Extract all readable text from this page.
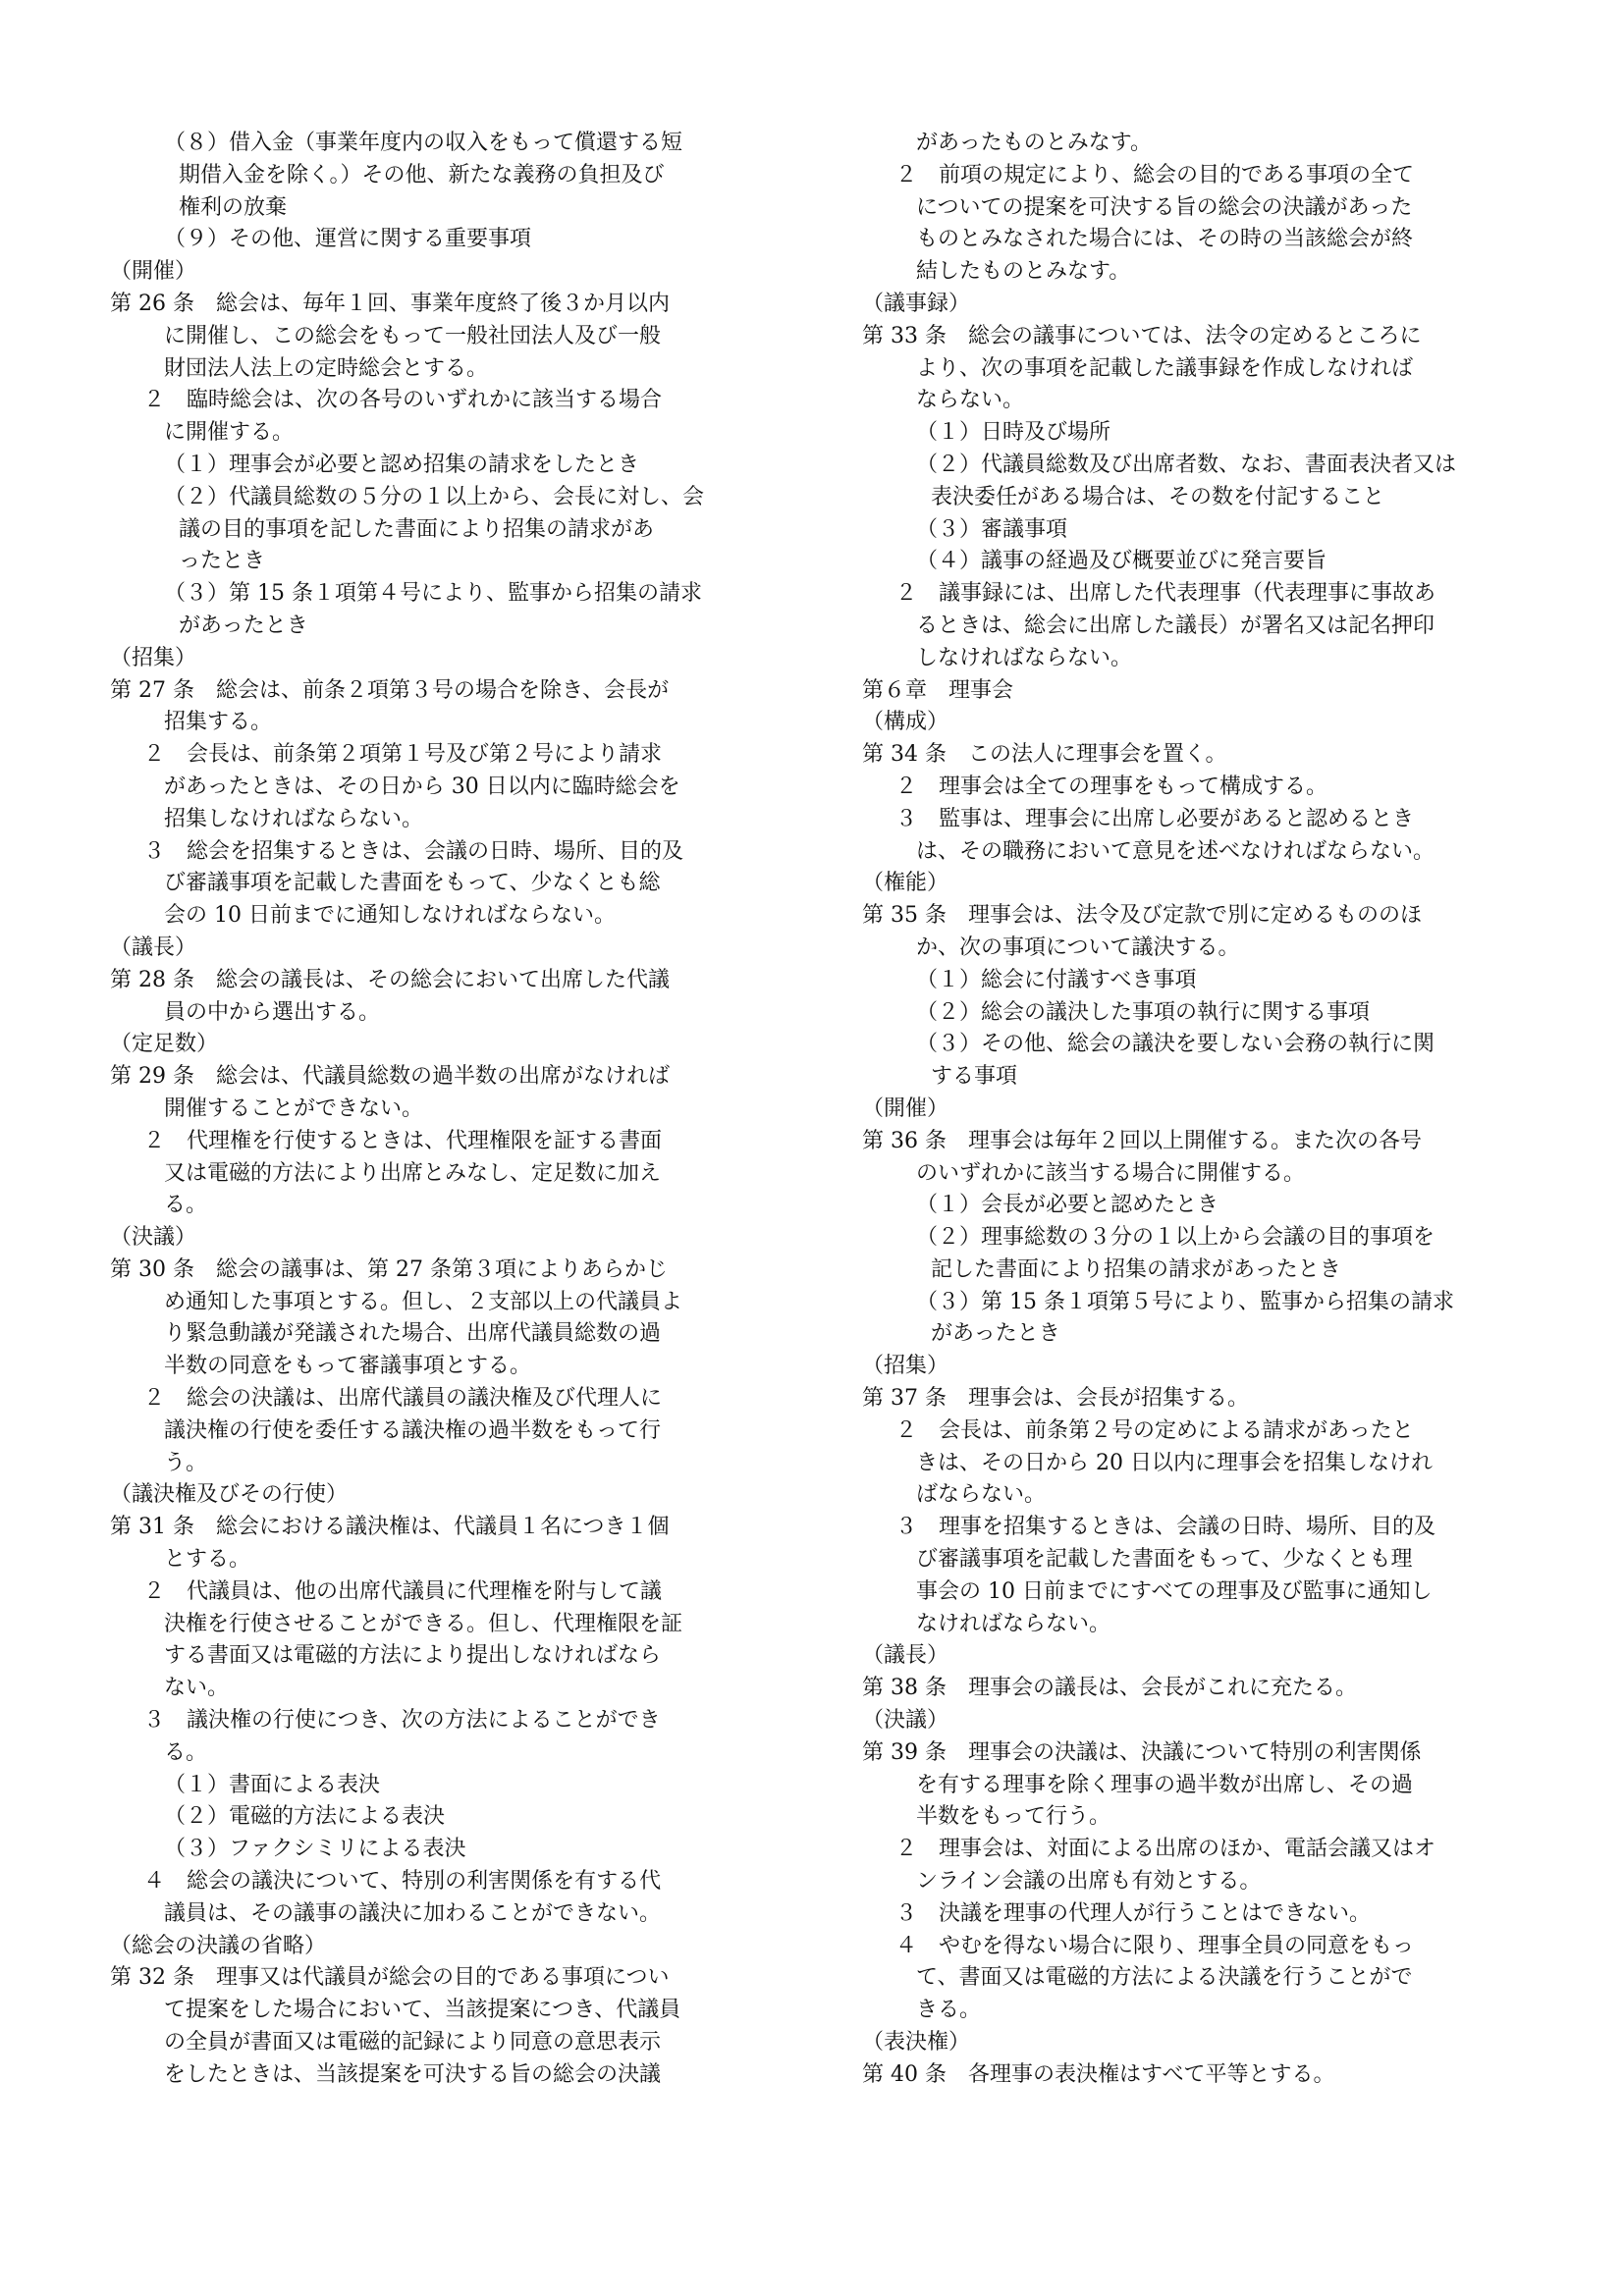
（８）借入金（事業年度内の収入をもって償還する短
期借入金を除く。）その他、新たな義務の負担及び
権利の放棄
（９）その他、運営に関する重要事項
（開催）
第 26 条　総会は、毎年１回、事業年度終了後３か月以内
に開催し、この総会をもって一般社団法人及び一般
財団法人法上の定時総会とする。
２　臨時総会は、次の各号のいずれかに該当する場合
に開催する。
（１）理事会が必要と認め招集の請求をしたとき
（２）代議員総数の５分の１以上から、会長に対し、会
議の目的事項を記した書面により招集の請求があ
ったとき
（３）第 15 条１項第４号により、監事から招集の請求
があったとき
（招集）
第 27 条　総会は、前条２項第３号の場合を除き、会長が
招集する。
２　会長は、前条第２項第１号及び第２号により請求
があったときは、その日から 30 日以内に臨時総会を
招集しなければならない。
３　総会を招集するときは、会議の日時、場所、目的及
び審議事項を記載した書面をもって、少なくとも総
会の 10 日前までに通知しなければならない。
（議長）
第 28 条　総会の議長は、その総会において出席した代議
員の中から選出する。
（定足数）
第 29 条　総会は、代議員総数の過半数の出席がなければ
開催することができない。
２　代理権を行使するときは、代理権限を証する書面
又は電磁的方法により出席とみなし、定足数に加え
る。
（決議）
第 30 条　総会の議事は、第 27 条第３項によりあらかじ
め通知した事項とする。但し、２支部以上の代議員よ
り緊急動議が発議された場合、出席代議員総数の過
半数の同意をもって審議事項とする。
２　総会の決議は、出席代議員の議決権及び代理人に
議決権の行使を委任する議決権の過半数をもって行
う。
（議決権及びその行使）
第 31 条　総会における議決権は、代議員１名につき１個
とする。
２　代議員は、他の出席代議員に代理権を附与して議
決権を行使させることができる。但し、代理権限を証
する書面又は電磁的方法により提出しなければなら
ない。
３　議決権の行使につき、次の方法によることができ
る。
（１）書面による表決
（２）電磁的方法による表決
（３）ファクシミリによる表決
４　総会の議決について、特別の利害関係を有する代
議員は、その議事の議決に加わることができない。
（総会の決議の省略）
第 32 条　理事又は代議員が総会の目的である事項につい
て提案をした場合において、当該提案につき、代議員
の全員が書面又は電磁的記録により同意の意思表示
をしたときは、当該提案を可決する旨の総会の決議
があったものとみなす。
２　前項の規定により、総会の目的である事項の全て
についての提案を可決する旨の総会の決議があった
ものとみなされた場合には、その時の当該総会が終
結したものとみなす。
（議事録）
第 33 条　総会の議事については、法令の定めるところに
より、次の事項を記載した議事録を作成しなければ
ならない。
（１）日時及び場所
（２）代議員総数及び出席者数、なお、書面表決者又は
表決委任がある場合は、その数を付記すること
（３）審議事項
（４）議事の経過及び概要並びに発言要旨
２　議事録には、出席した代表理事（代表理事に事故あ
るときは、総会に出席した議長）が署名又は記名押印
しなければならない。
第６章　理事会
（構成）
第 34 条　この法人に理事会を置く。
２　理事会は全ての理事をもって構成する。
３　監事は、理事会に出席し必要があると認めるとき
は、その職務において意見を述べなければならない。
（権能）
第 35 条　理事会は、法令及び定款で別に定めるもののほ
か、次の事項について議決する。
（１）総会に付議すべき事項
（２）総会の議決した事項の執行に関する事項
（３）その他、総会の議決を要しない会務の執行に関
する事項
（開催）
第 36 条　理事会は毎年２回以上開催する。また次の各号
のいずれかに該当する場合に開催する。
（１）会長が必要と認めたとき
（２）理事総数の３分の１以上から会議の目的事項を
記した書面により招集の請求があったとき
（３）第 15 条１項第５号により、監事から招集の請求
があったとき
（招集）
第 37 条　理事会は、会長が招集する。
２　会長は、前条第２号の定めによる請求があったと
きは、その日から 20 日以内に理事会を招集しなけれ
ばならない。
３　理事を招集するときは、会議の日時、場所、目的及
び審議事項を記載した書面をもって、少なくとも理
事会の 10 日前までにすべての理事及び監事に通知し
なければならない。
（議長）
第 38 条　理事会の議長は、会長がこれに充たる。
（決議）
第 39 条　理事会の決議は、決議について特別の利害関係
を有する理事を除く理事の過半数が出席し、その過
半数をもって行う。
２　理事会は、対面による出席のほか、電話会議又はオ
ンライン会議の出席も有効とする。
３　決議を理事の代理人が行うことはできない。
４　やむを得ない場合に限り、理事全員の同意をもっ
て、書面又は電磁的方法による決議を行うことがで
きる。
（表決権）
第 40 条　各理事の表決権はすべて平等とする。
